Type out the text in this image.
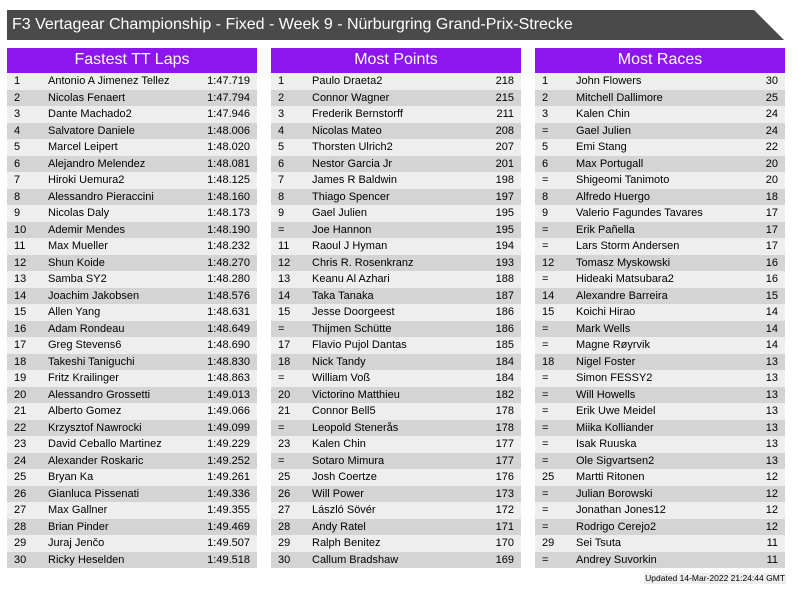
F3 Vertagear Championship - Fixed - Week 9 - Nürburgring Grand-Prix-Strecke
Fastest TT Laps
1	Antonio A Jimenez Tellez	1:47.719
2	Nicolas Fenaert	1:47.794
3	Dante Machado2	1:47.946
4	Salvatore Daniele	1:48.006
5	Marcel Leipert	1:48.020
6	Alejandro Melendez	1:48.081
7	Hiroki Uemura2	1:48.125
8	Alessandro Pieraccini	1:48.160
9	Nicolas Daly	1:48.173
10 Ademir Mendes	1:48.190
11 Max Mueller	1:48.232
12 Shun Koide	1:48.270
13 Samba SY2	1:48.280
14 Joachim Jakobsen	1:48.576
15 Allen Yang	1:48.631
16 Adam Rondeau	1:48.649
17 Greg Stevens6	1:48.690
18 Takeshi Taniguchi	1:48.830
19 Fritz Krailinger	1:48.863
20 Alessandro Grossetti	1:49.013
21 Alberto Gomez	1:49.066
22 Krzysztof Nawrocki	1:49.099
23 David Ceballo Martinez	1:49.229
24 Alexander Roskaric	1:49.252
25 Bryan Ka	1:49.261
26 Gianluca Pissenati	1:49.336
27 Max Gallner	1:49.355
28 Brian Pinder	1:49.469
29 Juraj Jenčo	1:49.507
30 Ricky Heselden	1:49.518
Most Points
1	Paulo Draeta2	218
2	Connor Wagner	215
3	Frederik Bernstorff	211
4	Nicolas Mateo	208
5	Thorsten Ulrich2	207
6	Nestor Garcia Jr	201
7	James R Baldwin	198
8	Thiago Spencer	197
9	Gael Julien	195
=	Joe Hannon	195
11 Raoul J Hyman	194
12 Chris R. Rosenkranz	193
13 Keanu Al Azhari	188
14 Taka Tanaka	187
15 Jesse Doorgeest	186
=	Thijmen Schütte	186
17 Flavio Pujol Dantas	185
18 Nick Tandy	184
=	William Voß	184
20 Victorino Matthieu	182
21 Connor Bell5	178
=	Leopold Stenerås	178
23 Kalen Chin	177
=	Sotaro Mimura	177
25 Josh Coertze	176
26 Will Power	173
27 László Sövér	172
28 Andy Ratel	171
29 Ralph Benitez	170
30 Callum Bradshaw	169
Most Races
1	John Flowers	30
2	Mitchell Dallimore	25
3	Kalen Chin	24
=	Gael Julien	24
5	Emi Stang	22
6	Max Portugall	20
=	Shigeomi Tanimoto	20
8	Alfredo Huergo	18
9	Valerio Fagundes Tavares	17
=	Erik Pañella	17
=	Lars Storm Andersen	17
12 Tomasz Myskowski	16
=	Hideaki Matsubara2	16
14 Alexandre Barreira	15
15 Koichi Hirao	14
=	Mark Wells	14
=	Magne Røyrvik	14
18 Nigel Foster	13
=	Simon FESSY2	13
=	Will Howells	13
=	Erik Uwe Meidel	13
=	Miika Kolliander	13
=	Isak Ruuska	13
=	Ole Sigvartsen2	13
25 Martti Ritonen	12
=	Julian Borowski	12
=	Jonathan Jones12	12
=	Rodrigo Cerejo2	12
29 Sei Tsuta	11
=	Andrey Suvorkin	11
Updated 14-Mar-2022 21:24:44 GMT
